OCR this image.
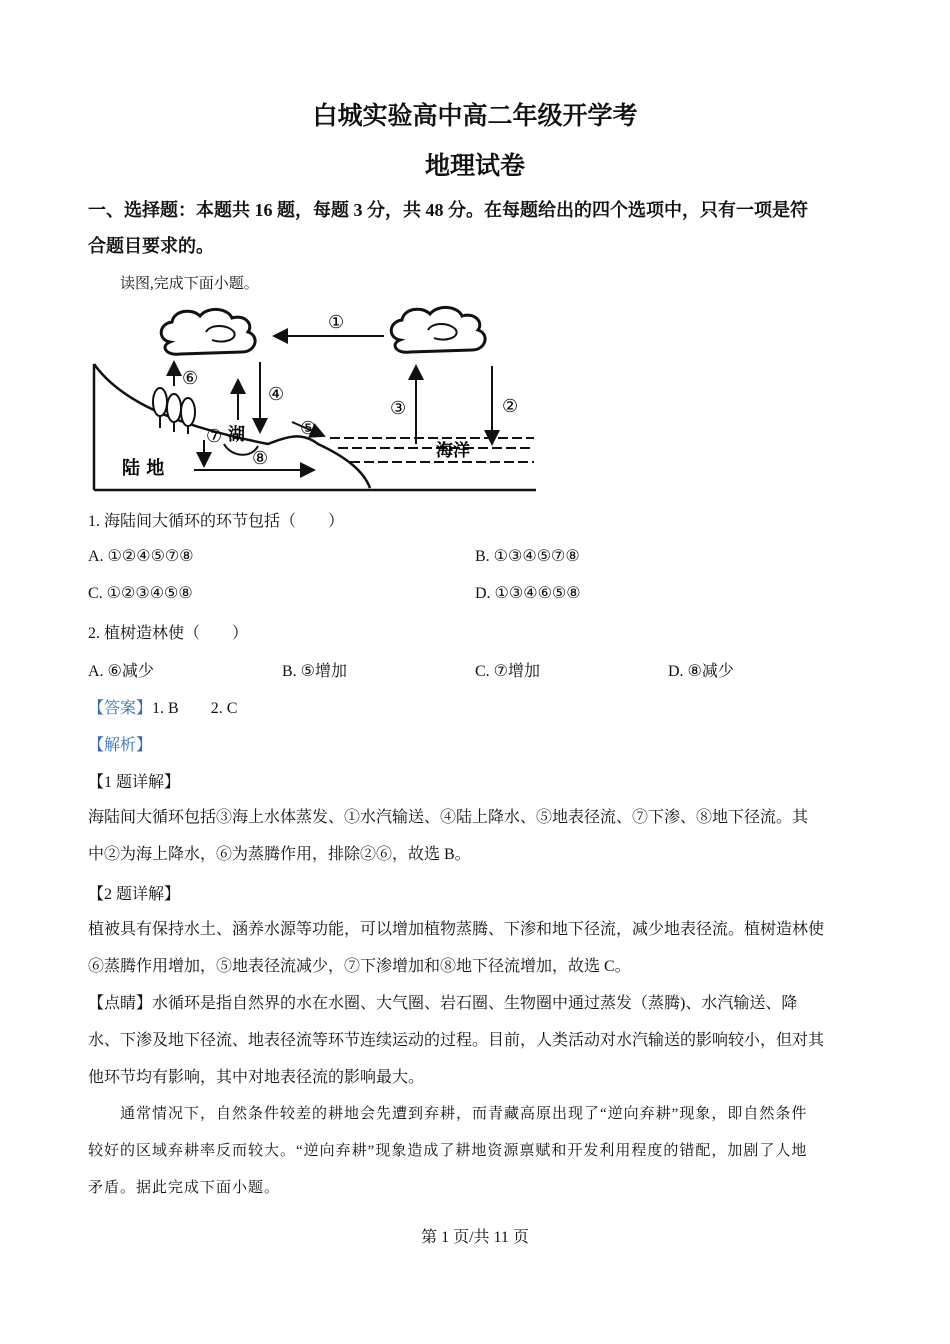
白城实验高中高二年级开学考
地理试卷
一、选择题：本题共 16 题，每题 3 分，共 48 分。在每题给出的四个选项中，只有一项是符
合题目要求的。
读图,完成下面小题。
①
③	②
④
⑥
湖
⑦	⑤
⑧	海洋
陆 地
1. 海陆间大循环的环节包括（　　）
A. ①②④⑤⑦⑧	B. ①③④⑤⑦⑧
C. ①②③④⑤⑧	D. ①③④⑥⑤⑧
2. 植树造林使（　　）
A. ⑥减少	B. ⑤增加	C. ⑦增加	D. ⑧减少
【答案】1. B　　2. C
【解析】
【1 题详解】
海陆间大循环包括③海上水体蒸发、①水汽输送、④陆上降水、⑤地表径流、⑦下渗、⑧地下径流。其
中②为海上降水，⑥为蒸腾作用，排除②⑥，故选 B。
【2 题详解】
植被具有保持水土、涵养水源等功能，可以增加植物蒸腾、下渗和地下径流，减少地表径流。植树造林使
⑥蒸腾作用增加，⑤地表径流减少，⑦下渗增加和⑧地下径流增加，故选 C。
【点睛】水循环是指自然界的水在水圈、大气圈、岩石圈、生物圈中通过蒸发（蒸腾)、水汽输送、降
水、下渗及地下径流、地表径流等环节连续运动的过程。目前，人类活动对水汽输送的影响较小，但对其
他环节均有影响，其中对地表径流的影响最大。
　　通常情况下，自然条件较差的耕地会先遭到弃耕，而青藏高原出现了“逆向弃耕”现象，即自然条件
较好的区域弃耕率反而较大。“逆向弃耕”现象造成了耕地资源禀赋和开发利用程度的错配，加剧了人地
矛盾。据此完成下面小题。
第 1 页/共 11 页
